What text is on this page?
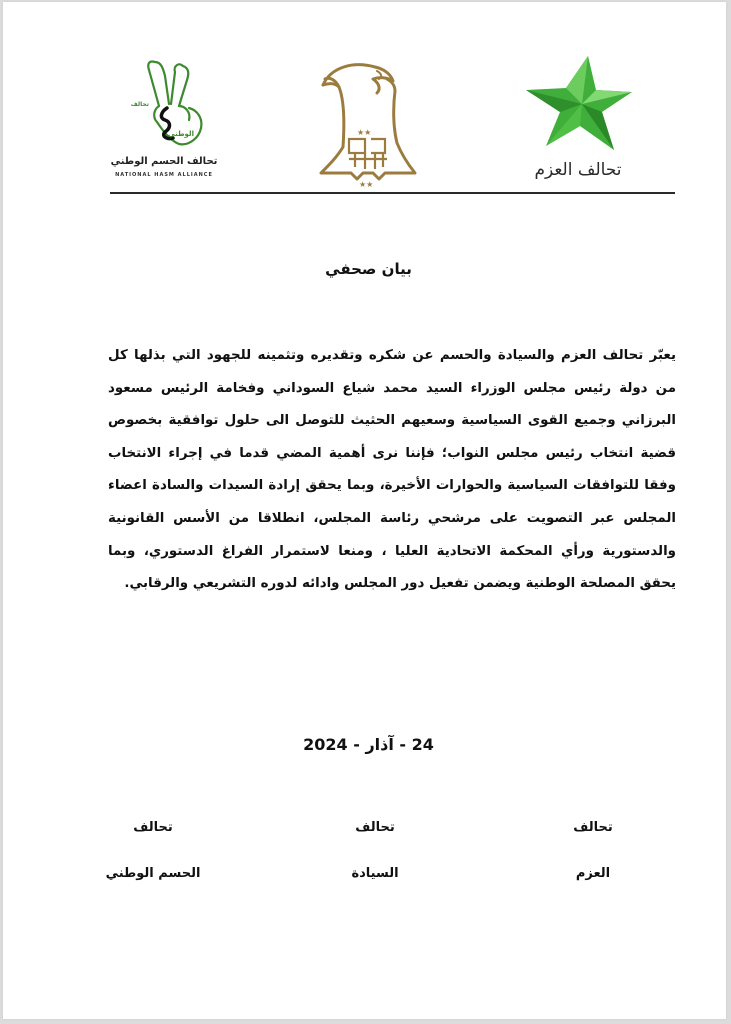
تحالف
الوطني
تحالف الحسم الوطني
NATIONAL HASM ALLIANCE
★★
★★
تحالف العزم
بيان صحفي
يعبّر تحالف العزم والسيادة والحسم عن شكره وتقديره وتثمينه للجهود التي بذلها كل من دولة رئيس مجلس الوزراء السيد محمد شياع السوداني وفخامة الرئيس مسعود البرزاني وجميع القوى السياسية وسعيهم الحثيث للتوصل الى حلول توافقية بخصوص قضية انتخاب رئيس مجلس النواب؛ فإننا نرى أهمية المضي قدما في إجراء الانتخاب وفقا للتوافقات السياسية والحوارات الأخيرة، وبما يحقق إرادة السيدات والسادة اعضاء المجلس عبر التصويت على مرشحي رئاسة المجلس، انطلاقا من الأسس القانونية والدستورية ورأي المحكمة الاتحادية العليا ، ومنعا لاستمرار الفراغ الدستوري، وبما يحقق المصلحة الوطنية ويضمن تفعيل دور المجلس وادائه لدوره التشريعي والرقابي.
24 - آذار - 2024
تحالف
العزم
تحالف
السيادة
تحالف
الحسم الوطني
